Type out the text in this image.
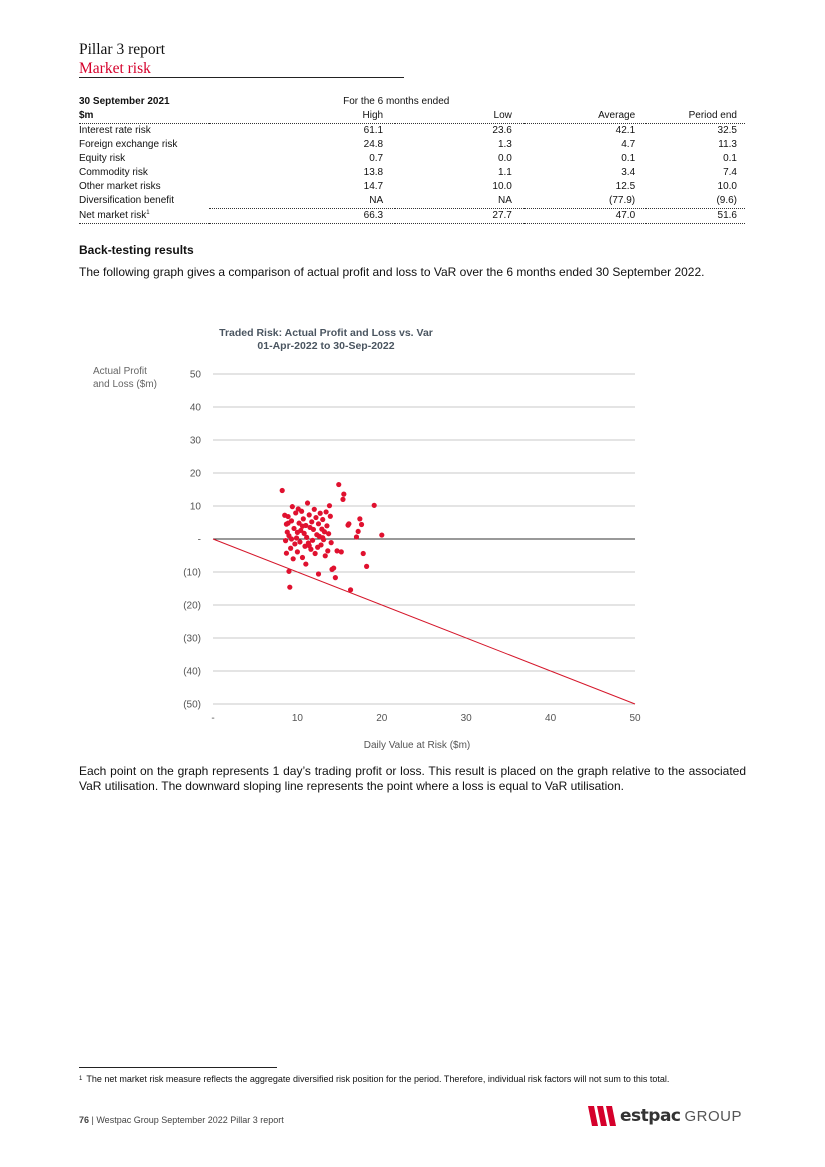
Pillar 3 report
Market risk
30 September 2021	For the 6 months ended			
$m	High	Low	Average	Period end
Interest rate risk	61.1	23.6	42.1	32.5
Foreign exchange risk	24.8	1.3	4.7	11.3
Equity risk	0.7	0.0	0.1	0.1
Commodity risk	13.8	1.1	3.4	7.4
Other market risks	14.7	10.0	12.5	10.0
Diversification benefit	NA	NA	(77.9)	(9.6)
Net market risk$^1$	66.3	27.7	47.0	51.6
Back-testing results
The following graph gives a comparison of actual profit and loss to VaR over the 6 months ended 30 September 2022.
Traded Risk: Actual Profit and Loss vs. Var
01-Apr-2022 to 30-Sep-2022
Actual Profit
and Loss ($m)
50
40
30
20
10
-
(10)
(20)
(30)
(40)
(50)
-	10	20	30	40	50
Daily Value at Risk ($m)
Each point on the graph represents 1 day’s trading profit or loss. This result is placed on the graph relative to the associated VaR utilisation. The downward sloping line represents the point where a loss is equal to VaR utilisation.
$^1$ The net market risk measure reflects the aggregate diversified risk position for the period. Therefore, individual risk factors will not sum to this total.
76 | Westpac Group September 2022 Pillar 3 report	estpac GROUP
